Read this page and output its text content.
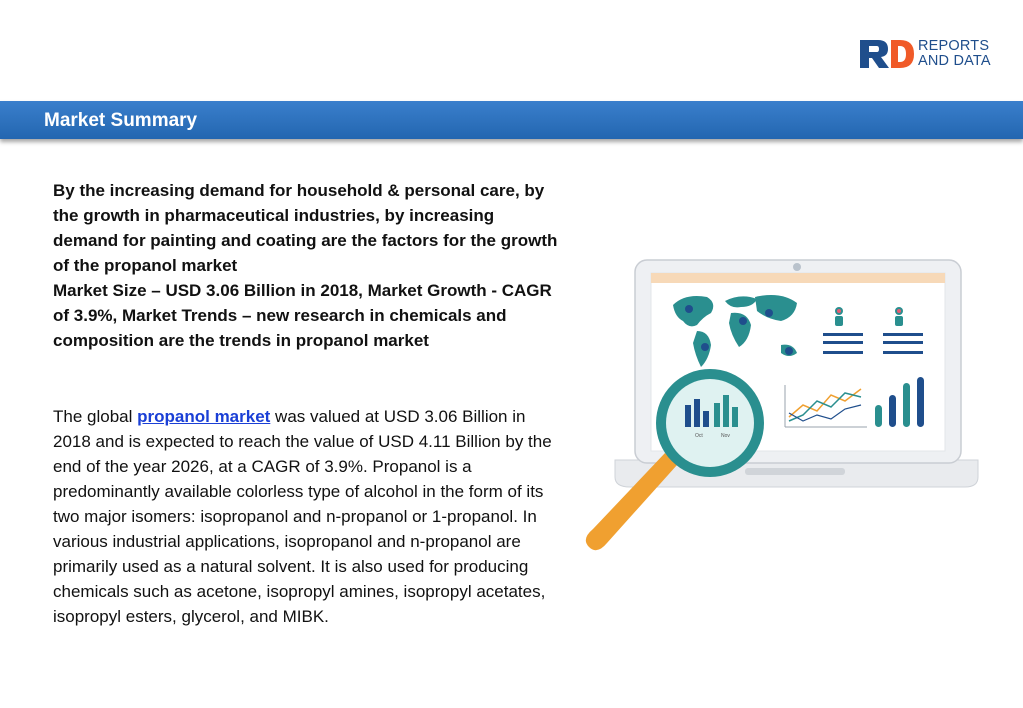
REPORTS
AND DATA
Market Summary

By the increasing demand for household & personal care, by the growth in pharmaceutical industries, by increasing demand for painting and coating are the factors for the growth of the propanol market
Market Size – USD 3.06 Billion in 2018, Market Growth - CAGR of 3.9%, Market Trends – new research in chemicals and composition are the trends in propanol market

The global propanol market was valued at USD 3.06 Billion in 2018 and is expected to reach the value of USD 4.11 Billion by the end of the year 2026, at a CAGR of 3.9%. Propanol is a predominantly available colorless type of alcohol in the form of its two major isomers: isopropanol and n-propanol or 1-propanol. In various industrial applications, isopropanol and n-propanol are primarily used as a natural solvent. It is also used for producing chemicals such as acetone, isopropyl amines, isopropyl acetates, isopropyl esters, glycerol, and MIBK.

Oct	Nov
